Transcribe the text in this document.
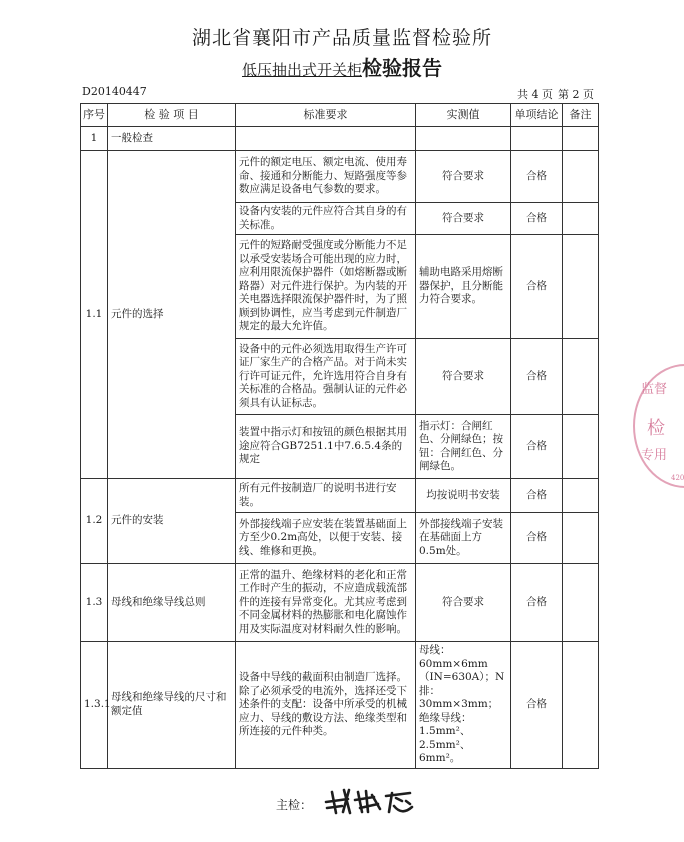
湖北省襄阳市产品质量监督检验所
低压抽出式开关柜检验报告
D20140447	共 4 页 第 2 页
序号	检 验 项 目	标准要求	实测值	单项结论	备注
1	一般检查				
1.1	元件的选择	元件的额定电压、额定电流、使用寿命、接通和分断能力、短路强度等参数应满足设备电气参数的要求。	符合要求	合格	
		设备内安装的元件应符合其自身的有关标准。	符合要求	合格	
		元件的短路耐受强度或分断能力不足以承受安装场合可能出现的应力时，应利用限流保护器件（如熔断器或断路器）对元件进行保护。为内装的开关电器选择限流保护器件时，为了照顾到协调性，应当考虑到元件制造厂规定的最大允许值。	辅助电路采用熔断器保护，且分断能力符合要求。	合格	
		设备中的元件必须选用取得生产许可证厂家生产的合格产品。对于尚未实行许可证元件，允许选用符合自身有关标准的合格品。强制认证的元件必须具有认证标志。	符合要求	合格	
		装置中指示灯和按钮的颜色根据其用途应符合GB7251.1中7.6.5.4条的规定	指示灯：合闸红色、分闸绿色；按钮：合闸红色、分闸绿色。	合格	
1.2	元件的安装	所有元件按制造厂的说明书进行安装。	均按说明书安装	合格	
		外部接线端子应安装在装置基础面上方至少0.2m高处，以便于安装、接线、维修和更换。	外部接线端子安装在基础面上方0.5m处。	合格	
1.3	母线和绝缘导线总则	正常的温升、绝缘材料的老化和正常工作时产生的振动，不应造成载流部件的连接有异常变化。尤其应考虑到不同金属材料的热膨胀和电化腐蚀作用及实际温度对材料耐久性的影响。	符合要求	合格	
1.3.1	母线和绝缘导线的尺寸和额定值	设备中导线的截面积由制造厂选择。除了必须承受的电流外，选择还受下述条件的支配：设备中所承受的机械应力、导线的敷设方法、绝缘类型和所连接的元件种类。	母线：60mm×6mm（IN=630A）；N排：30mm×3mm；绝缘导线：1.5mm²、2.5mm²、6mm²。	合格	
监督
检
专用
420
主检：
